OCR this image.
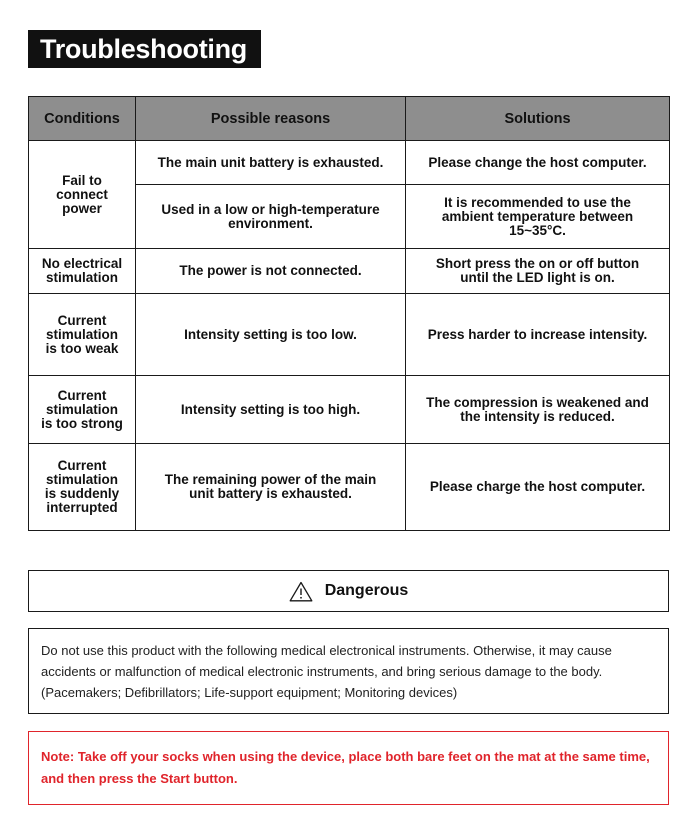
Troubleshooting
Conditions	Possible reasons	Solutions
Fail to connect power	The main unit battery is exhausted.	Please change the host computer.
	Used in a low or high-temperature environment.	It is recommended to use the ambient temperature between 15~35°C.
No electrical stimulation	The power is not connected.	Short press the on or off button until the LED light is on.
Current stimulation is too weak	Intensity setting is too low.	Press harder to increase intensity.
Current stimulation is too strong	Intensity setting is too high.	The compression is weakened and the intensity is reduced.
Current stimulation is suddenly interrupted	The remaining power of the main unit battery is exhausted.	Please charge the host computer.
Dangerous
Do not use this product with the following medical electronical instruments. Otherwise, it may cause accidents or malfunction of medical electronic instruments, and bring serious damage to the body. (Pacemakers; Defibrillators; Life-support equipment; Monitoring devices)
Note: Take off your socks when using the device, place both bare feet on the mat at the same time, and then press the Start button.
